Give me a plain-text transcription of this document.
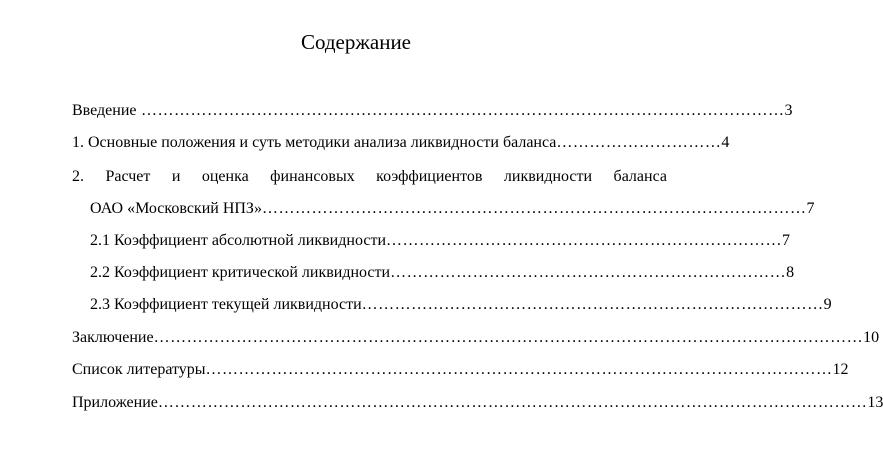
Содержание
Введение ……………………………………………………………………………………………………… 3
1. Основные положения и суть методики анализа ликвидности баланса ………………………… 4
2. Расчет и оценка финансовых коэффициентов ликвидности баланса
ОАО «Московский НПЗ» ……………………………………………………………………………………… 7
2.1 Коэффициент абсолютной ликвидности ……………………………………………………………… 7
2.2 Коэффициент критической ликвидности ……………………………………………………………… 8
2.3 Коэффициент текущей ликвидности ………………………………………………………………………… 9
Заключение ………………………………………………………………………………………………………………… 10
Список литературы …………………………………………………………………………………………………… 12
Приложение ………………………………………………………………………………………………………………… 13
